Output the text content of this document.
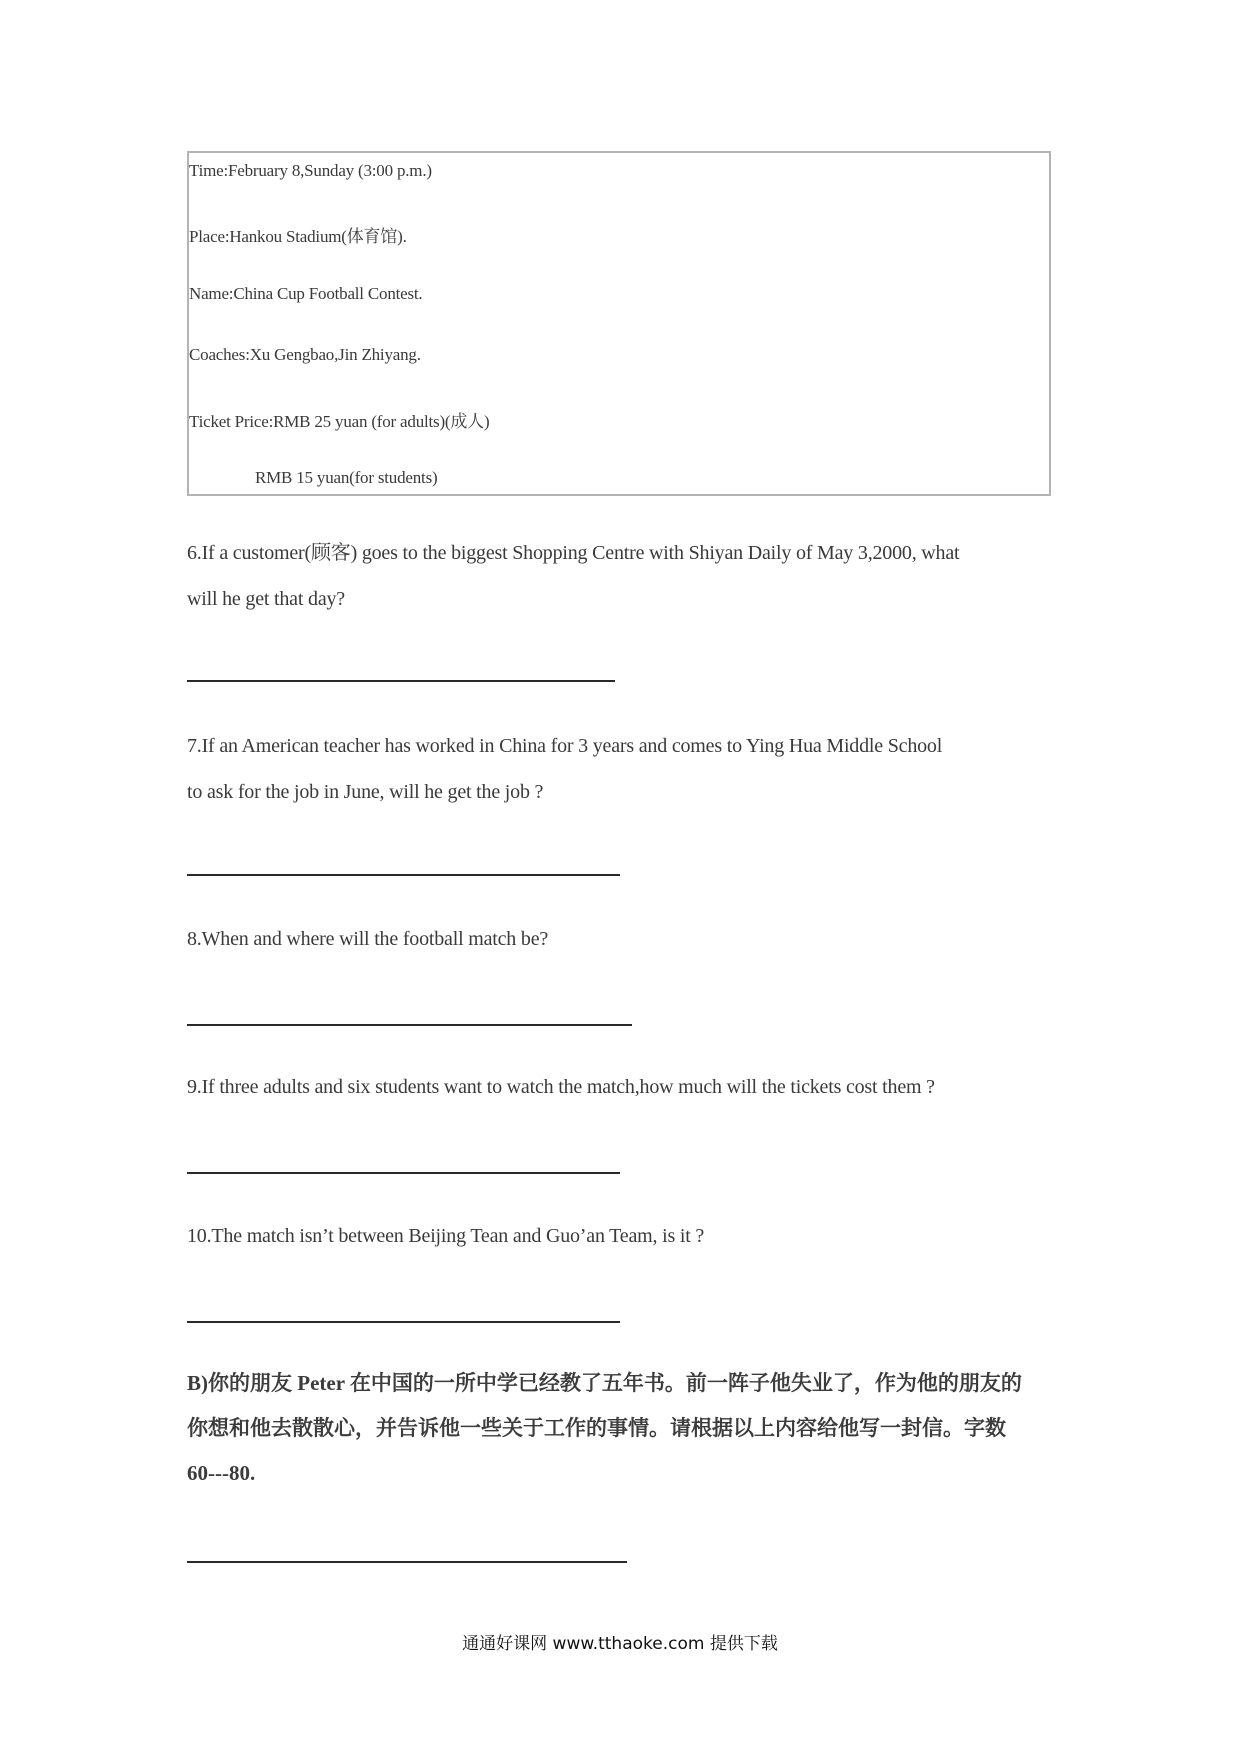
Time:February 8,Sunday (3:00 p.m.)
Place:Hankou Stadium(体育馆).
Name:China Cup Football Contest.
Coaches:Xu Gengbao,Jin Zhiyang.
Ticket Price:RMB 25 yuan (for adults)(成人)
RMB 15 yuan(for students)
6.If a customer(顾客) goes to the biggest Shopping Centre with Shiyan Daily of May 3,2000, what
will he get that day?
7.If an American teacher has worked in China for 3 years and comes to Ying Hua Middle School
to ask for the job in June, will he get the job ?
8.When and where will the football match be?
9.If three adults and six students want to watch the match,how much will the tickets cost them ?
10.The match isn’t between Beijing Tean and Guo’an Team, is it ?
B)你的朋友 Peter 在中国的一所中学已经教了五年书。前一阵子他失业了，作为他的朋友的
你想和他去散散心，并告诉他一些关于工作的事情。请根据以上内容给他写一封信。字数
60---80.
通通好课网 www.tthaoke.com 提供下载
